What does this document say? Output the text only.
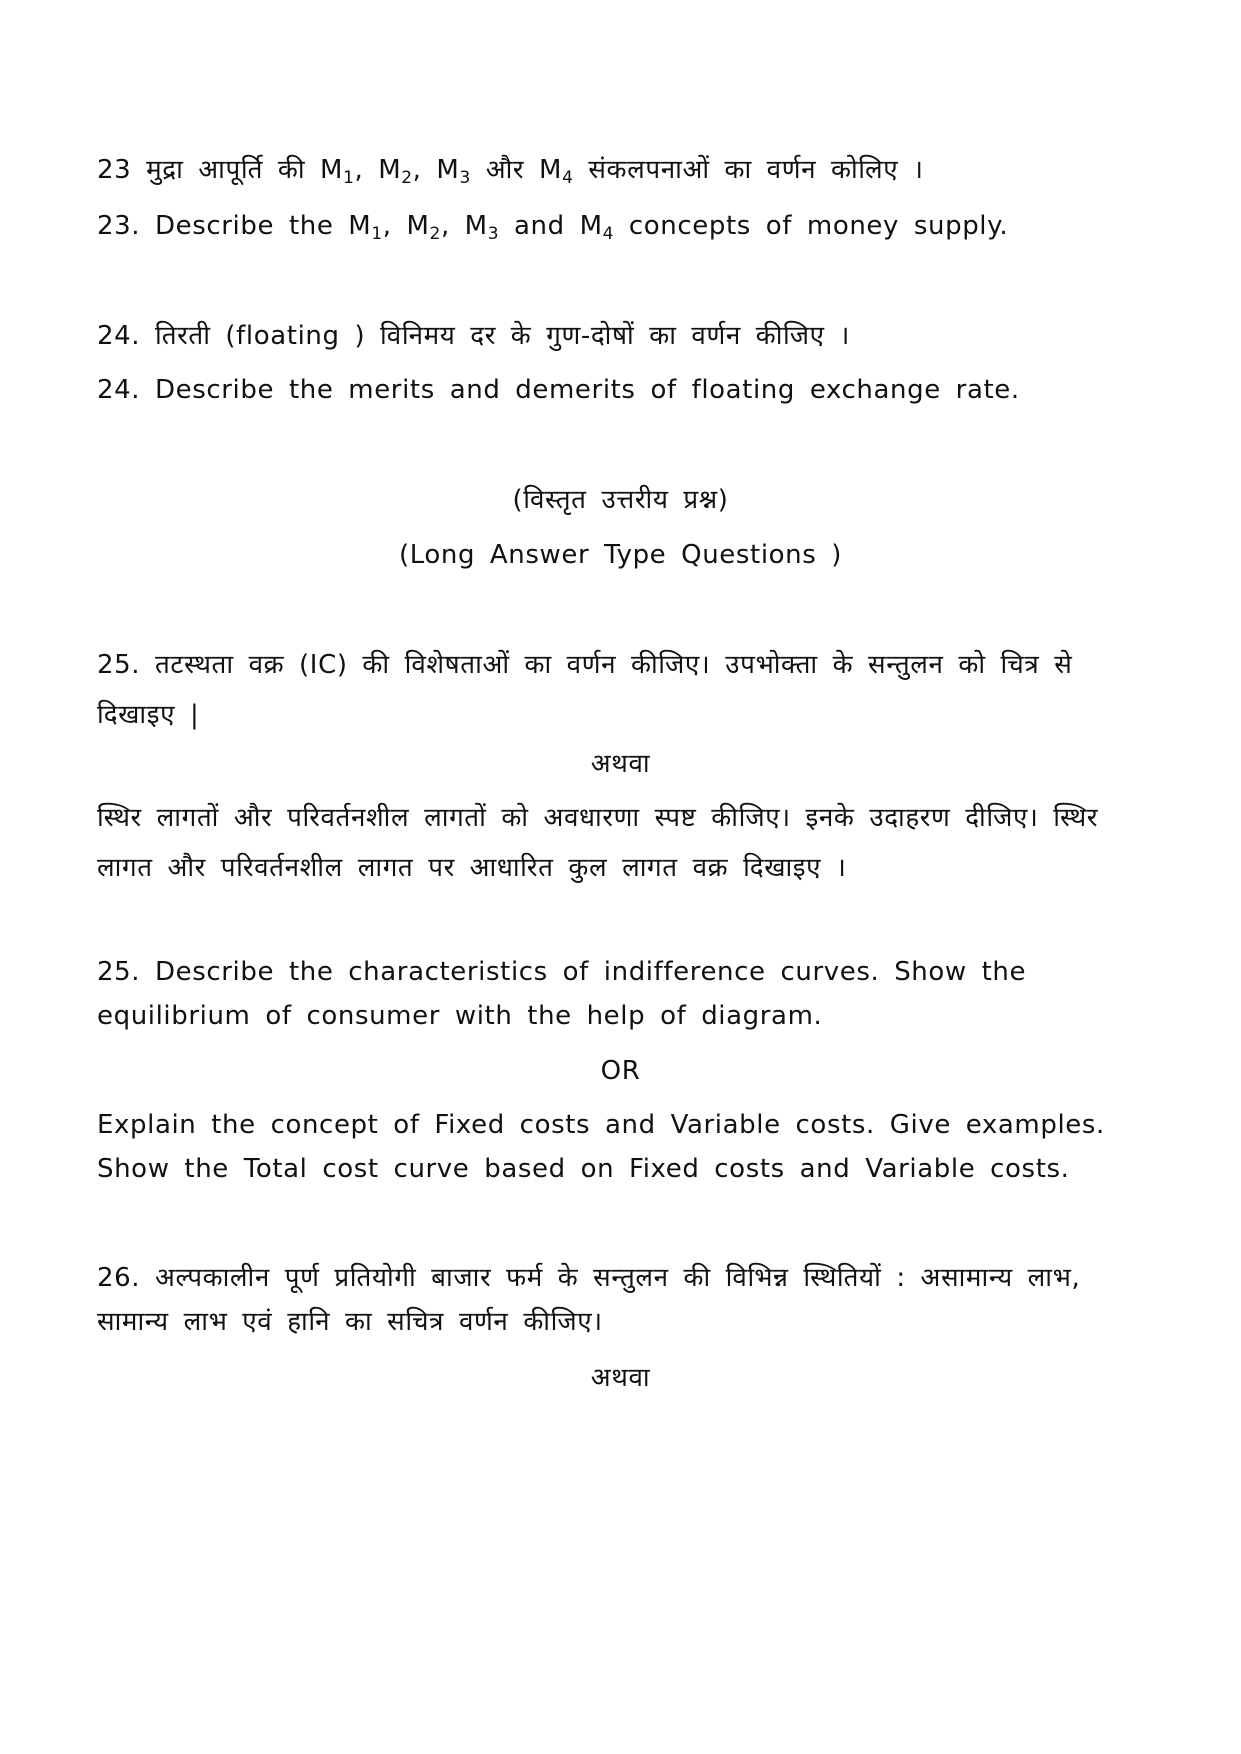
23 मुद्रा आपूर्ति की $M_1$, $M_2$, $M_3$ और $M_4$ संकलपनाओं का वर्णन कोलिए ।
23. Describe the $M_1$, $M_2$, $M_3$ and $M_4$ concepts of money supply.
24. तिरती (floating ) विनिमय दर के गुण-दोषों का वर्णन कीजिए ।
24. Describe the merits and demerits of floating exchange rate.
(विस्तृत उत्तरीय प्रश्न)
(Long Answer Type Questions )
25. तटस्थता वक्र (IC) की विशेषताओं का वर्णन कीजिए। उपभोक्ता के सन्तुलन को चित्र से दिखाइए |
अथवा
स्थिर लागतों और परिवर्तनशील लागतों को अवधारणा स्पष्ट कीजिए। इनके उदाहरण दीजिए। स्थिर लागत और परिवर्तनशील लागत पर आधारित कुल लागत वक्र दिखाइए ।
25. Describe the characteristics of indifference curves. Show the equilibrium of consumer with the help of diagram.
OR
Explain the concept of Fixed costs and Variable costs. Give examples. Show the Total cost curve based on Fixed costs and Variable costs.
26. अल्पकालीन पूर्ण प्रतियोगी बाजार फर्म के सन्तुलन की विभिन्न स्थितियों : असामान्य लाभ, सामान्य लाभ एवं हानि का सचित्र वर्णन कीजिए।
अथवा
